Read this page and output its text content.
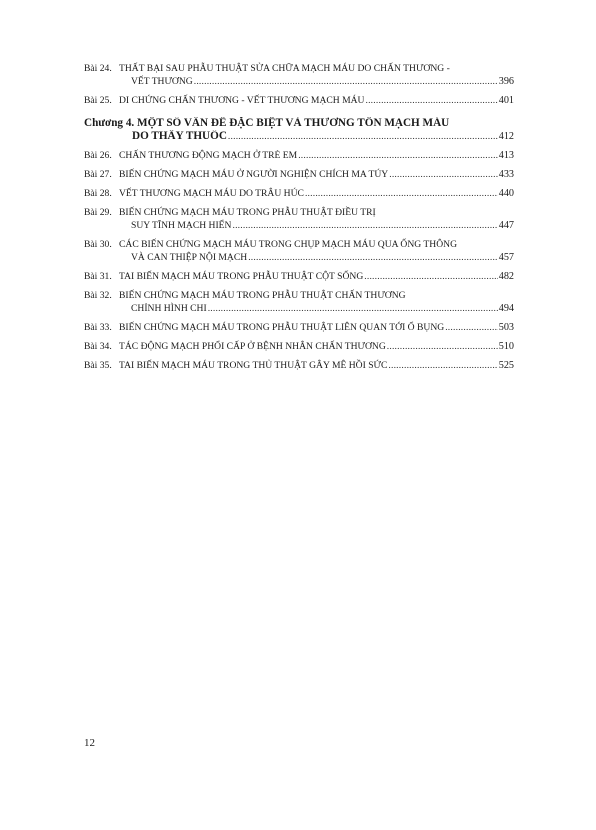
Bài 24. THẤT BẠI SAU PHẪU THUẬT SỬA CHỮA MẠCH MÁU DO CHẤN THƯƠNG -
VẾT THƯƠNG .....	396
Bài 25. DI CHỨNG CHẤN THƯƠNG - VẾT THƯƠNG MẠCH MÁU .....	401
Chương 4. MỘT SỐ VẤN ĐỀ ĐẶC BIỆT VÀ THƯƠNG TỔN MẠCH MÁU
DO THẦY THUỐC .....	412
Bài 26. CHẤN THƯƠNG ĐỘNG MẠCH Ở TRẺ EM .....	413
Bài 27. BIẾN CHỨNG MẠCH MÁU Ở NGƯỜI NGHIỆN CHÍCH MA TÚY .....	433
Bài 28. VẾT THƯƠNG MẠCH MÁU DO TRÂU HÚC .....	440
Bài 29. BIẾN CHỨNG MẠCH MÁU TRONG PHẪU THUẬT ĐIỀU TRỊ
SUY TĨNH MẠCH HIỂN .....	447
Bài 30. CÁC BIẾN CHỨNG MẠCH MÁU TRONG CHỤP MẠCH MÁU QUA ỐNG THÔNG
VÀ CAN THIỆP NỘI MẠCH .....	457
Bài 31. TAI BIẾN MẠCH MÁU TRONG PHẪU THUẬT CỘT SỐNG .....	482
Bài 32. BIẾN CHỨNG MẠCH MÁU TRONG PHẪU THUẬT CHẤN THƯƠNG
CHỈNH HÌNH CHI .....	494
Bài 33. BIẾN CHỨNG MẠCH MÁU TRONG PHẪU THUẬT LIÊN QUAN TỚI Ổ BỤNG .....	503
Bài 34. TÁC ĐỘNG MẠCH PHỔI CẤP Ở BỆNH NHÂN CHẤN THƯƠNG .....	510
Bài 35. TAI BIẾN MẠCH MÁU TRONG THỦ THUẬT GÂY MÊ HỒI SỨC .....	525
12
